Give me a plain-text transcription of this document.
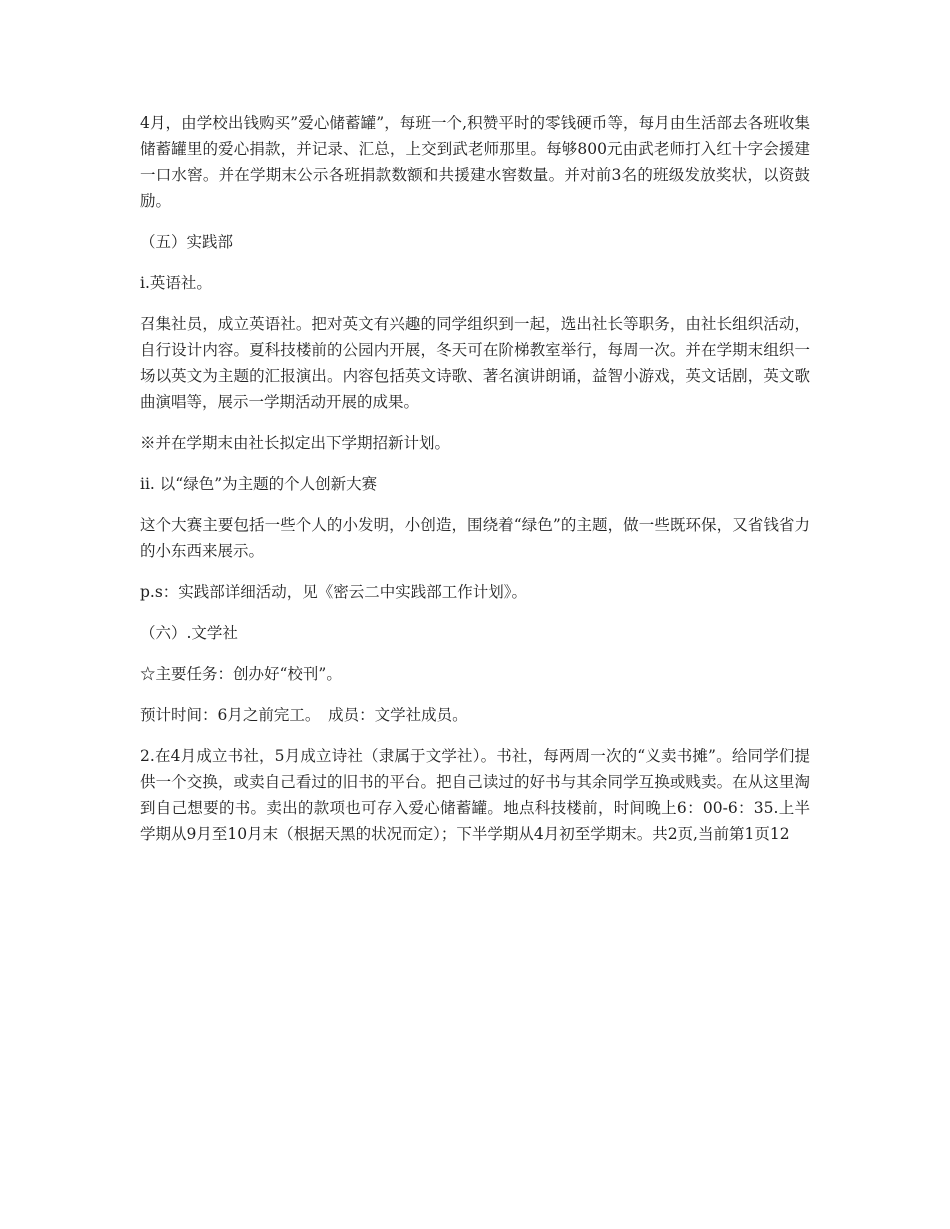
4月，由学校出钱购买”爱心储蓄罐”，每班一个,积赞平时的零钱硬币等，每月由生活部去各班收集储蓄罐里的爱心捐款，并记录、汇总，上交到武老师那里。每够800元由武老师打入红十字会援建一口水窖。并在学期末公示各班捐款数额和共援建水窖数量。并对前3名的班级发放奖状，以资鼓励。

（五）实践部

i.英语社。

召集社员，成立英语社。把对英文有兴趣的同学组织到一起，选出社长等职务，由社长组织活动，自行设计内容。夏科技楼前的公园内开展，冬天可在阶梯教室举行，每周一次。并在学期末组织一场以英文为主题的汇报演出。内容包括英文诗歌、著名演讲朗诵，益智小游戏，英文话剧，英文歌曲演唱等，展示一学期活动开展的成果。

※并在学期末由社长拟定出下学期招新计划。

ii. 以“绿色”为主题的个人创新大赛

这个大赛主要包括一些个人的小发明，小创造，围绕着“绿色”的主题，做一些既环保，又省钱省力的小东西来展示。

p.s：实践部详细活动，见《密云二中实践部工作计划》。

（六）.文学社

☆主要任务：创办好“校刊”。

预计时间：6月之前完工。　成员：文学社成员。

2.在4月成立书社，5月成立诗社（隶属于文学社）。书社，每两周一次的“义卖书摊”。给同学们提供一个交换，或卖自己看过的旧书的平台。把自己读过的好书与其余同学互换或贱卖。在从这里淘到自己想要的书。卖出的款项也可存入爱心储蓄罐。地点科技楼前，时间晚上6：00-6：35.上半学期从9月至10月末（根据天黑的状况而定）；下半学期从4月初至学期末。共2页,当前第1页12
